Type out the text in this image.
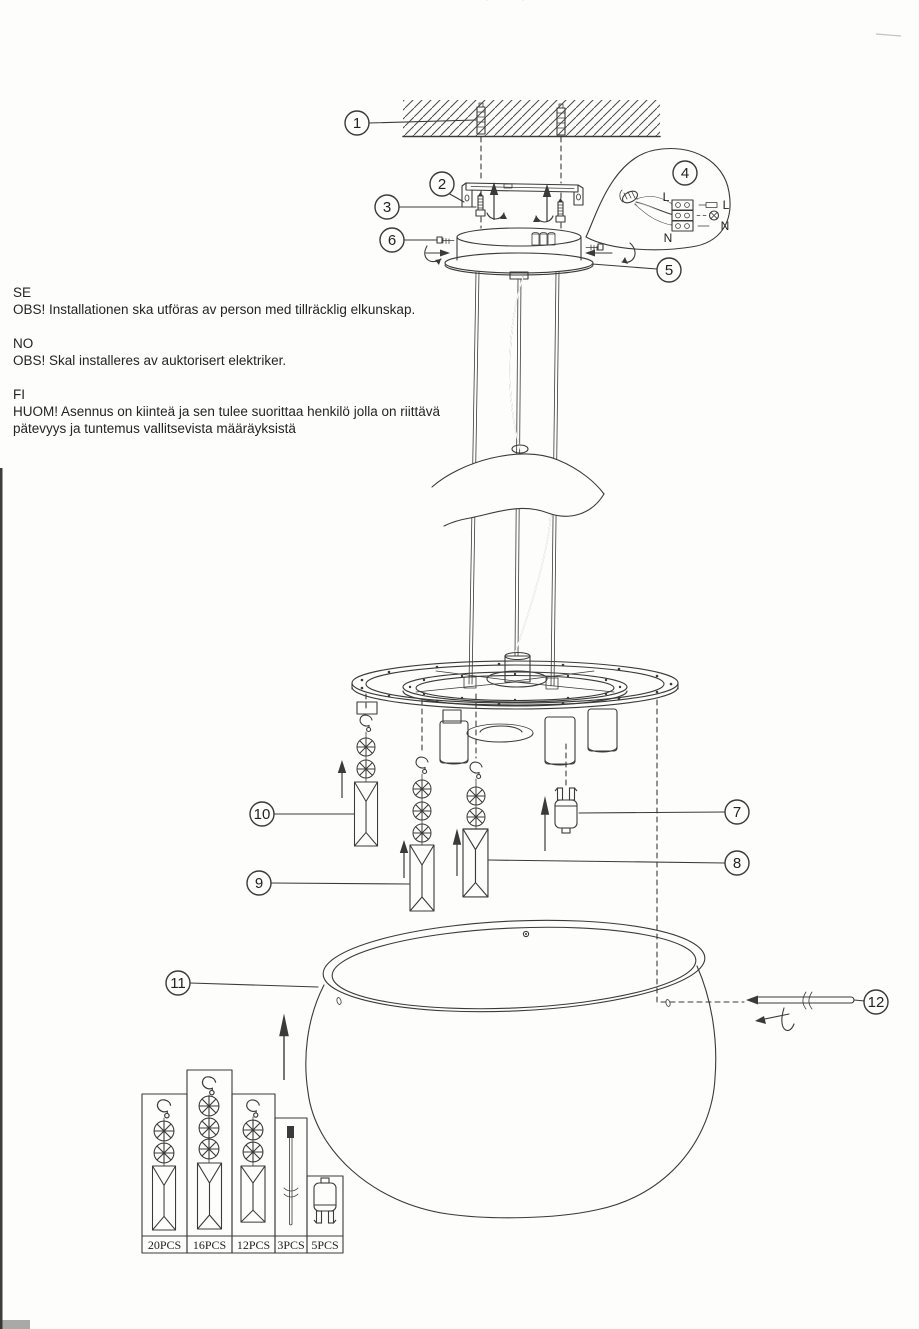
L
N
L
N
1
2
3
4
5
6
7
8
9
10
11
12
20PCS 16PCS 12PCS 3PCS 5PCS

SE

OBS! Installationen ska utföras av person med tillräcklig elkunskap.

NO

OBS! Skal installeres av auktorisert elektriker.

FI

HUOM! Asennus on kiinteä ja sen tulee suorittaa henkilö jolla on riittävä pätevyys ja tuntemus vallitsevista määräyksistä
